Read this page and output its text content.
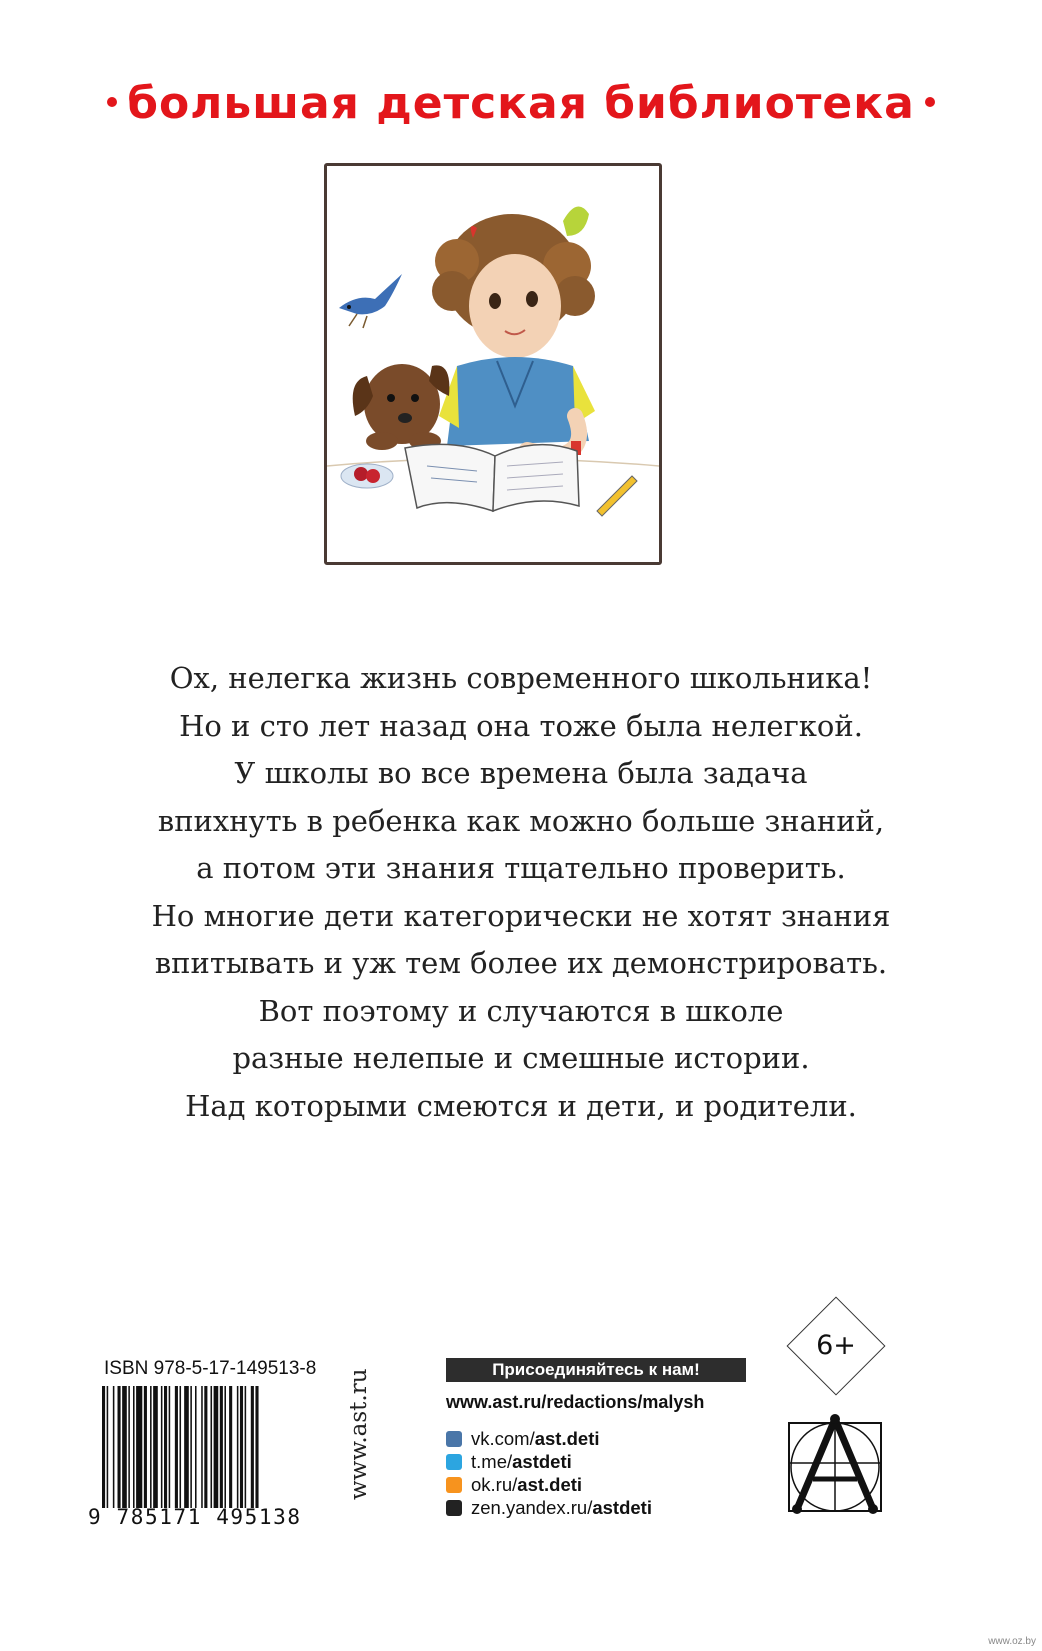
большая детская библиотека
Ох, нелегка жизнь современного школьника!
Но и сто лет назад она тоже была нелегкой.
У школы во все времена была задача
впихнуть в ребенка как можно больше знаний,
а потом эти знания тщательно проверить.
Но многие дети категорически не хотят знания
впитывать и уж тем более их демонстрировать.
Вот поэтому и случаются в школе
разные нелепые и смешные истории.
Над которыми смеются и дети, и родители.
ISBN 978-5-17-149513-8
9 785171 495138
www.ast.ru	Присоединяйтесь к нам!
www.ast.ru/redactions/malysh
vk.com/ ast.deti
t.me/ astdeti
ok.ru/ ast.deti
zen.yandex.ru/ astdeti
6+
www.oz.by
